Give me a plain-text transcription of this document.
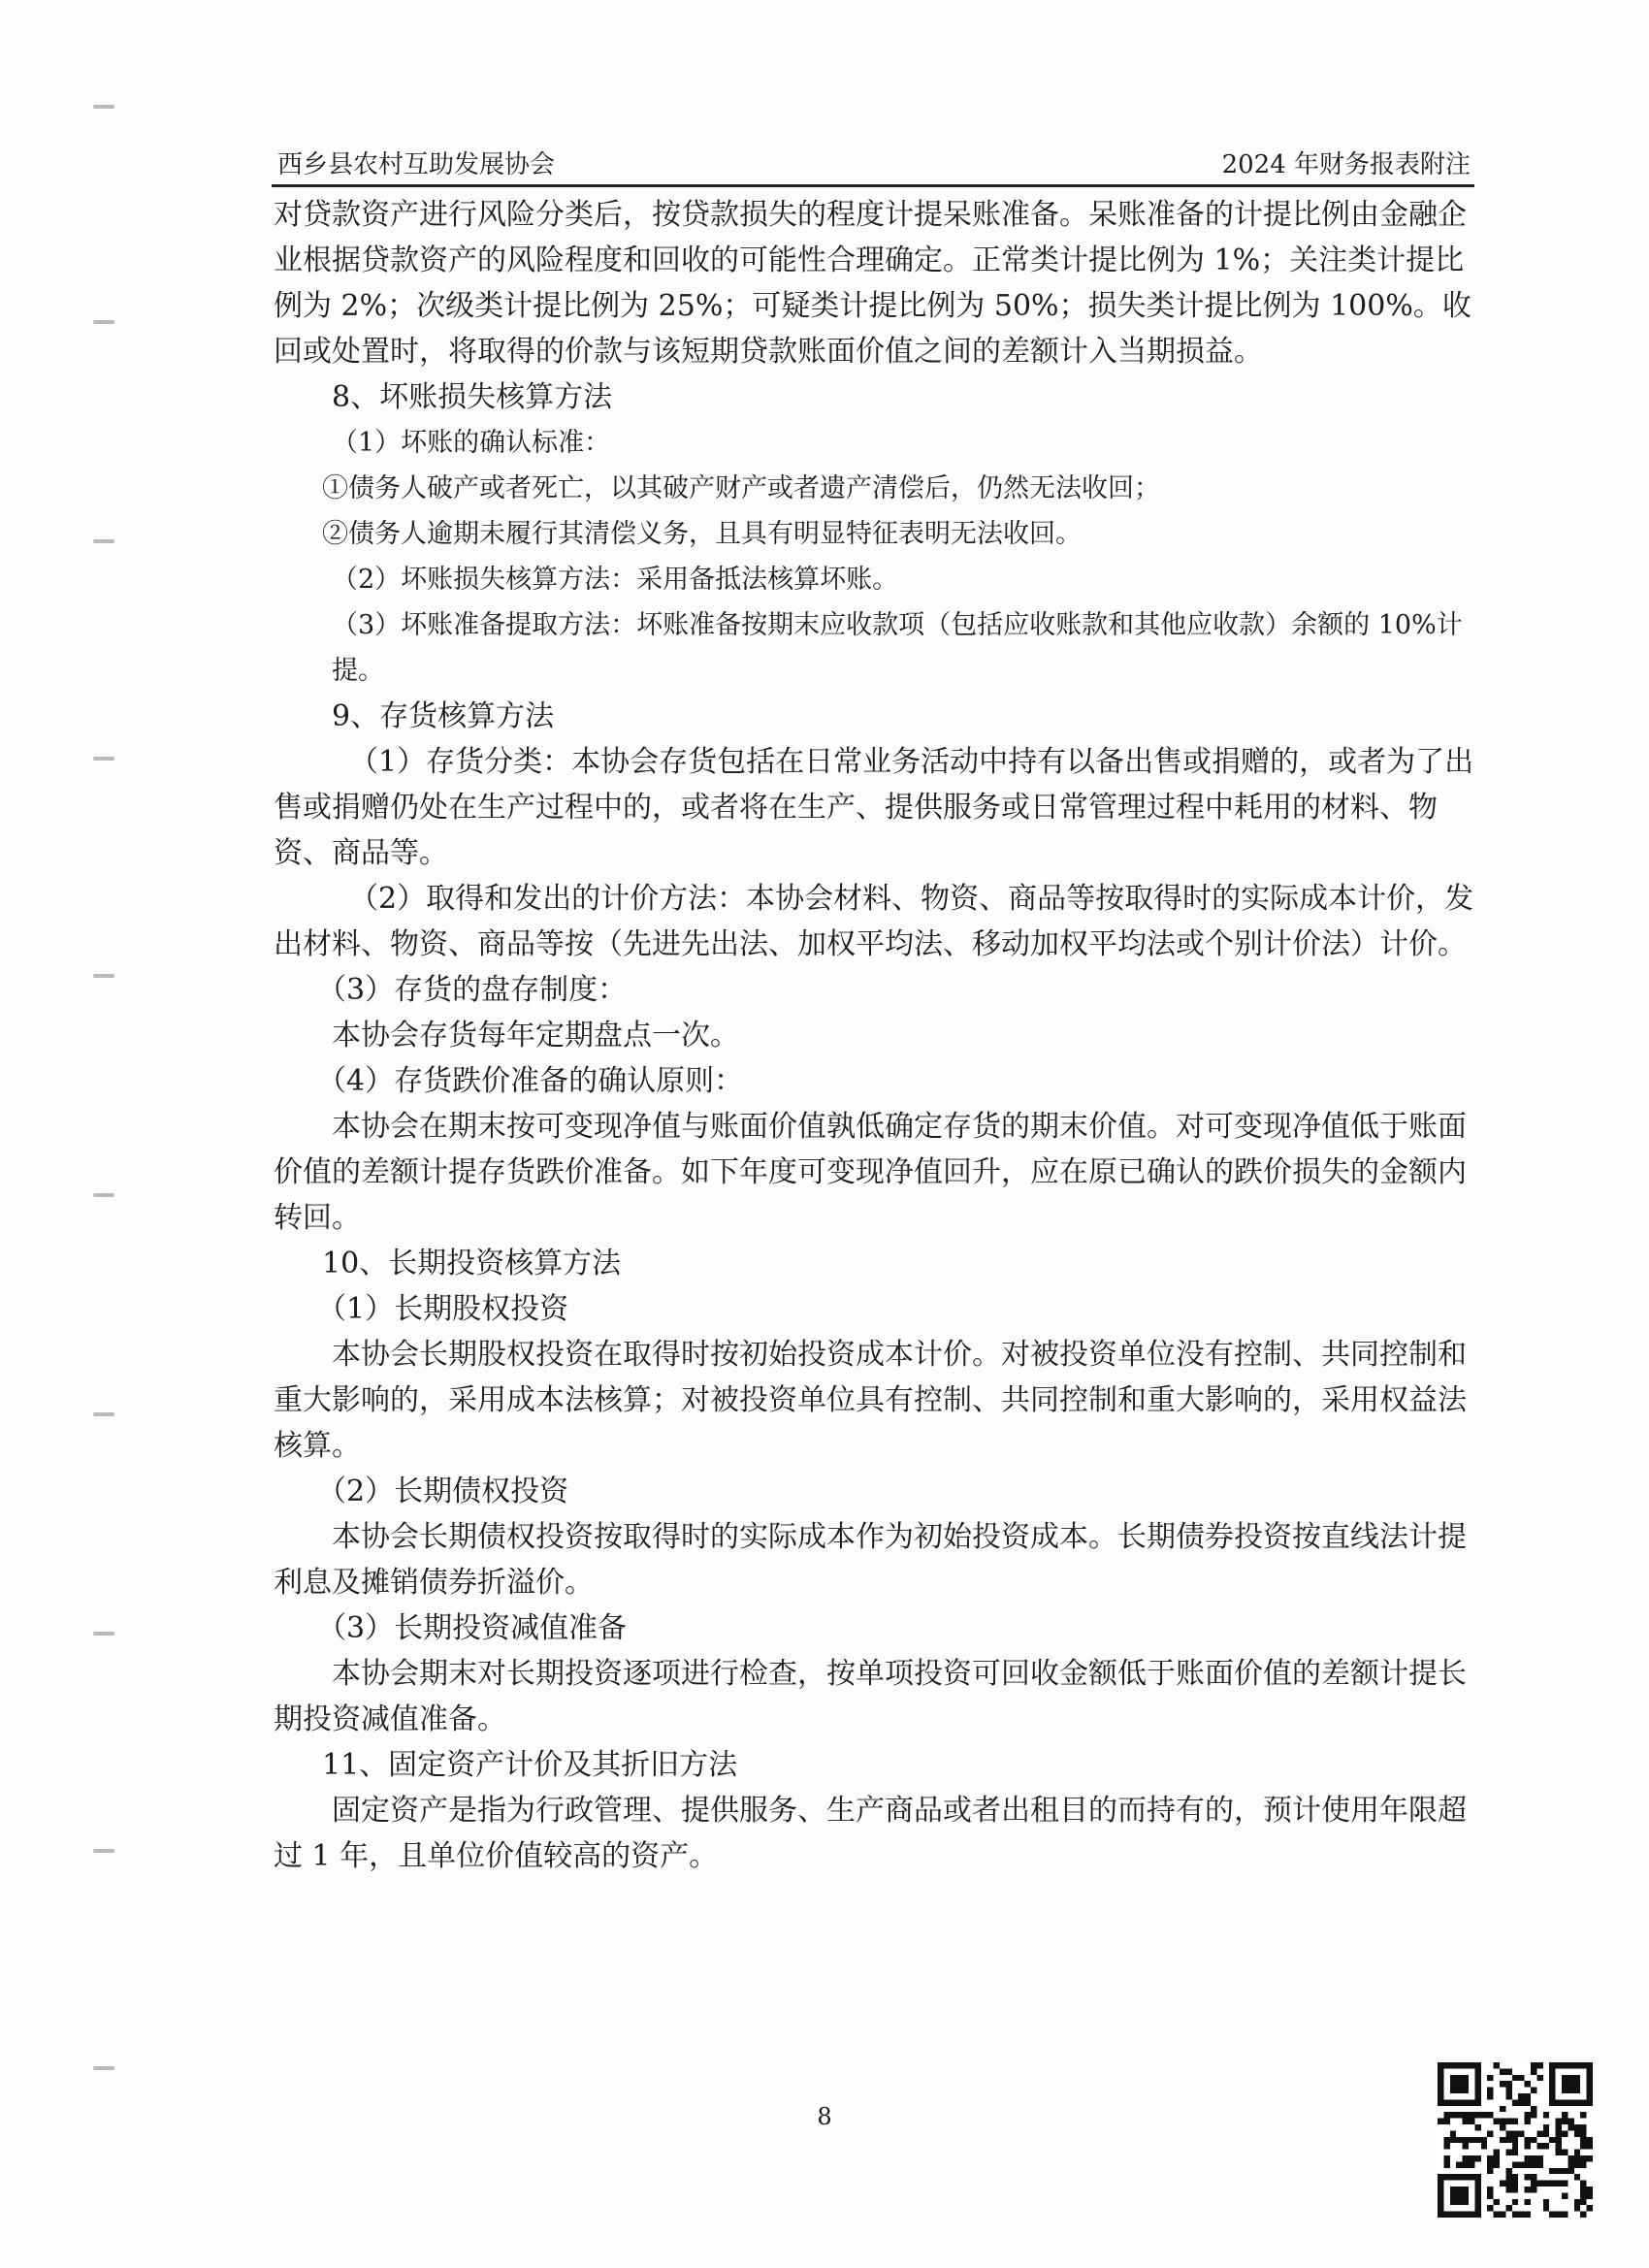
西乡县农村互助发展协会	2024 年财务报表附注

对贷款资产进行风险分类后，按贷款损失的程度计提呆账准备。呆账准备的计提比例由金融企业根据贷款资产的风险程度和回收的可能性合理确定。正常类计提比例为 1%；关注类计提比例为 2%；次级类计提比例为 25%；可疑类计提比例为 50%；损失类计提比例为 100%。收回或处置时，将取得的价款与该短期贷款账面价值之间的差额计入当期损益。

8、坏账损失核算方法

（1）坏账的确认标准：

①债务人破产或者死亡，以其破产财产或者遗产清偿后，仍然无法收回；

②债务人逾期未履行其清偿义务，且具有明显特征表明无法收回。

（2）坏账损失核算方法：采用备抵法核算坏账。

（3）坏账准备提取方法：坏账准备按期末应收款项（包括应收账款和其他应收款）余额的 10%计提。

9、存货核算方法

（1）存货分类：本协会存货包括在日常业务活动中持有以备出售或捐赠的，或者为了出售或捐赠仍处在生产过程中的，或者将在生产、提供服务或日常管理过程中耗用的材料、物资、商品等。

（2）取得和发出的计价方法：本协会材料、物资、商品等按取得时的实际成本计价，发出材料、物资、商品等按（先进先出法、加权平均法、移动加权平均法或个别计价法）计价。

（3）存货的盘存制度：

本协会存货每年定期盘点一次。

（4）存货跌价准备的确认原则：

本协会在期末按可变现净值与账面价值孰低确定存货的期末价值。对可变现净值低于账面价值的差额计提存货跌价准备。如下年度可变现净值回升，应在原已确认的跌价损失的金额内转回。

10、长期投资核算方法

（1）长期股权投资

本协会长期股权投资在取得时按初始投资成本计价。对被投资单位没有控制、共同控制和重大影响的，采用成本法核算；对被投资单位具有控制、共同控制和重大影响的，采用权益法核算。

（2）长期债权投资

本协会长期债权投资按取得时的实际成本作为初始投资成本。长期债券投资按直线法计提利息及摊销债券折溢价。

（3）长期投资减值准备

本协会期末对长期投资逐项进行检查，按单项投资可回收金额低于账面价值的差额计提长期投资减值准备。

11、固定资产计价及其折旧方法

固定资产是指为行政管理、提供服务、生产商品或者出租目的而持有的，预计使用年限超过 1 年，且单位价值较高的资产。

8
